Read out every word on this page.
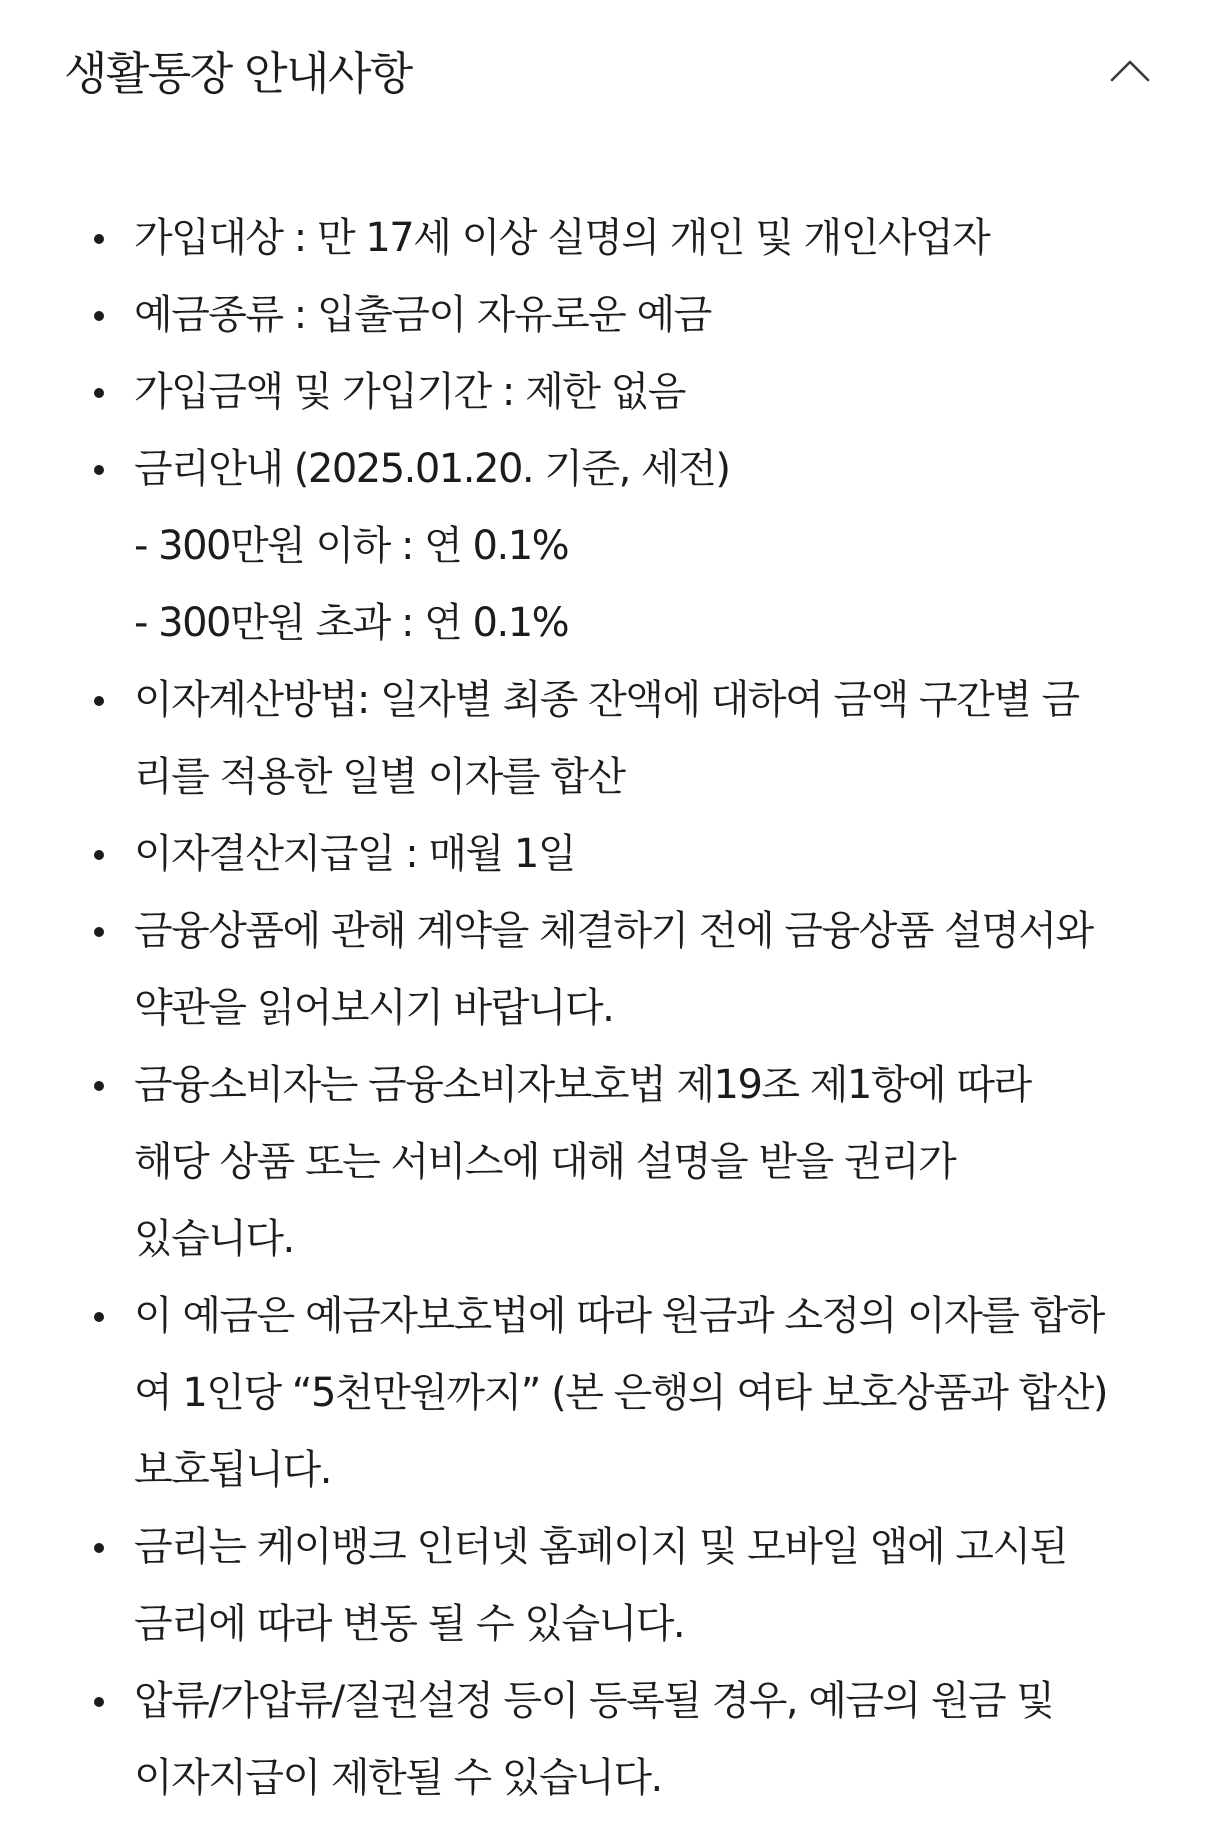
생활통장 안내사항
가입대상 : 만 17세 이상 실명의 개인 및 개인사업자
예금종류 : 입출금이 자유로운 예금
가입금액 및 가입기간 : 제한 없음
금리안내 (2025.01.20. 기준, 세전)
- 300만원 이하 : 연 0.1%
- 300만원 초과 : 연 0.1%
이자계산방법: 일자별 최종 잔액에 대하여 금액 구간별 금
리를 적용한 일별 이자를 합산
이자결산지급일 : 매월 1일
금융상품에 관해 계약을 체결하기 전에 금융상품 설명서와
약관을 읽어보시기 바랍니다.
금융소비자는 금융소비자보호법 제19조 제1항에 따라
해당 상품 또는 서비스에 대해 설명을 받을 권리가
있습니다.
이 예금은 예금자보호법에 따라 원금과 소정의 이자를 합하
여 1인당 “5천만원까지” (본 은행의 여타 보호상품과 합산)
보호됩니다.
금리는 케이뱅크 인터넷 홈페이지 및 모바일 앱에 고시된
금리에 따라 변동 될 수 있습니다.
압류/가압류/질권설정 등이 등록될 경우, 예금의 원금 및
이자지급이 제한될 수 있습니다.
